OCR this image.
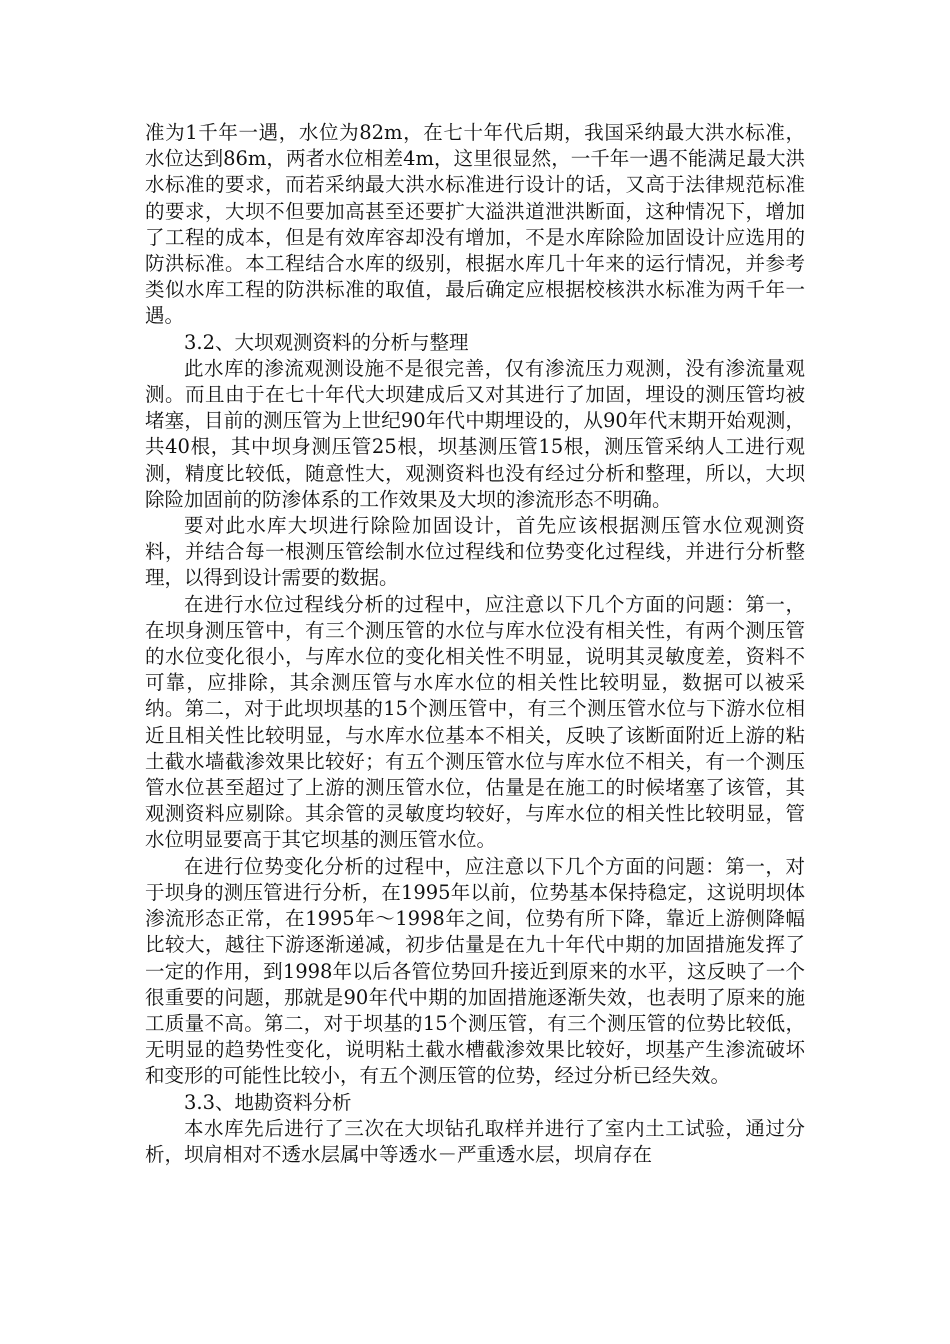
准为1千年一遇，水位为82m，在七十年代后期，我国采纳最大洪水标准，水位达到86m，两者水位相差4m，这里很显然，一千年一遇不能满足最大洪水标准的要求，而若采纳最大洪水标准进行设计的话，又高于法律规范标准的要求，大坝不但要加高甚至还要扩大溢洪道泄洪断面，这种情况下，增加了工程的成本，但是有效库容却没有增加，不是水库除险加固设计应选用的防洪标准。本工程结合水库的级别，根据水库几十年来的运行情况，并参考类似水库工程的防洪标准的取值，最后确定应根据校核洪水标准为两千年一遇。

3.2、大坝观测资料的分析与整理

此水库的渗流观测设施不是很完善，仅有渗流压力观测，没有渗流量观测。而且由于在七十年代大坝建成后又对其进行了加固，埋设的测压管均被堵塞，目前的测压管为上世纪90年代中期埋设的，从90年代末期开始观测，共40根，其中坝身测压管25根，坝基测压管15根，测压管采纳人工进行观测，精度比较低，随意性大，观测资料也没有经过分析和整理，所以，大坝除险加固前的防渗体系的工作效果及大坝的渗流形态不明确。

要对此水库大坝进行除险加固设计，首先应该根据测压管水位观测资料，并结合每一根测压管绘制水位过程线和位势变化过程线，并进行分析整理，以得到设计需要的数据。

在进行水位过程线分析的过程中，应注意以下几个方面的问题：第一，在坝身测压管中，有三个测压管的水位与库水位没有相关性，有两个测压管的水位变化很小，与库水位的变化相关性不明显，说明其灵敏度差，资料不可靠，应排除，其余测压管与水库水位的相关性比较明显，数据可以被采纳。第二，对于此坝坝基的15个测压管中，有三个测压管水位与下游水位相近且相关性比较明显，与水库水位基本不相关，反映了该断面附近上游的粘土截水墙截渗效果比较好；有五个测压管水位与库水位不相关，有一个测压管水位甚至超过了上游的测压管水位，估量是在施工的时候堵塞了该管，其观测资料应剔除。其余管的灵敏度均较好，与库水位的相关性比较明显，管水位明显要高于其它坝基的测压管水位。

在进行位势变化分析的过程中，应注意以下几个方面的问题：第一，对于坝身的测压管进行分析，在1995年以前，位势基本保持稳定，这说明坝体渗流形态正常，在1995年～1998年之间，位势有所下降，靠近上游侧降幅比较大，越往下游逐渐递减，初步估量是在九十年代中期的加固措施发挥了一定的作用，到1998年以后各管位势回升接近到原来的水平，这反映了一个很重要的问题，那就是90年代中期的加固措施逐渐失效，也表明了原来的施工质量不高。第二，对于坝基的15个测压管，有三个测压管的位势比较低，无明显的趋势性变化，说明粘土截水槽截渗效果比较好，坝基产生渗流破坏和变形的可能性比较小，有五个测压管的位势，经过分析已经失效。

3.3、地勘资料分析

本水库先后进行了三次在大坝钻孔取样并进行了室内土工试验，通过分析，坝肩相对不透水层属中等透水－严重透水层，坝肩存在
